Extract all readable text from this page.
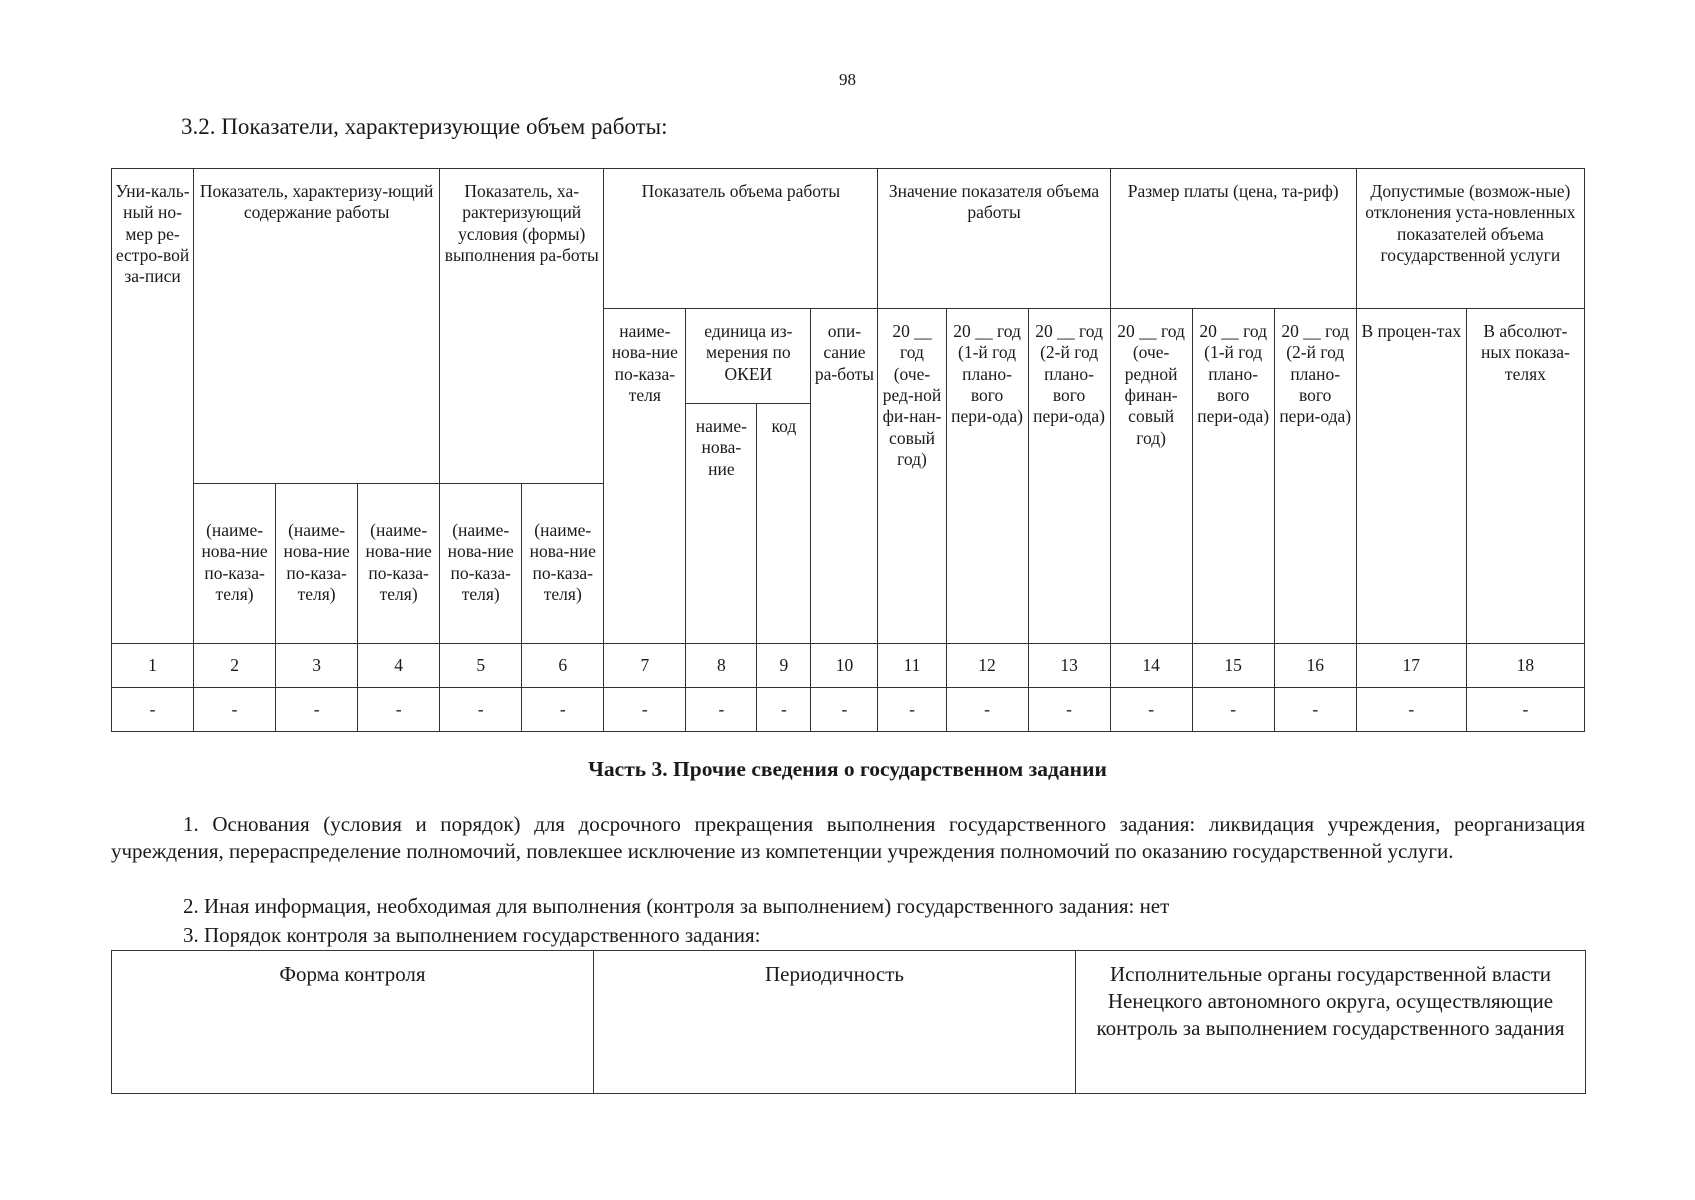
98
3.2. Показатели, характеризующие объем работы:
Уни-каль-ный но-мер ре-естро-вой за-писи	Показатель, характеризу-ющий содержание работы			Показатель, ха-рактеризующий условия (формы) выполнения ра-боты		Показатель объема работы				Значение показателя объема работы			Размер платы (цена, та-риф)			Допустимые (возмож-ные) отклонения уста-новленных показателей объема государственной услуги	
						наиме-нова-ние по-каза-теля	единица из-мерения по ОКЕИ		опи-сание ра-боты	20 __ год (оче-ред-ной фи-нан-совый год)	20 __ год (1-й год плано-вого пери-ода)	20 __ год (2-й год плано-вого пери-ода)	20 __ год (оче-редной финан-совый год)	20 __ год (1-й год плано-вого пери-ода)	20 __ год (2-й год плано-вого пери-ода)	В процен-тах	В абсолют-ных показа-телях
							наиме-нова-ние	код									
	(наиме-нова-ние по-каза-теля)	(наиме-нова-ние по-каза-теля)	(наиме-нова-ние по-каза-теля)	(наиме-нова-ние по-каза-теля)	(наиме-нова-ние по-каза-теля)												
1	2	3	4	5	6	7	8	9	10	11	12	13	14	15	16	17	18
-	-	-	-	-	-	-	-	-	-	-	-	-	-	-	-	-	-
Часть 3. Прочие сведения о государственном задании
1. Основания (условия и порядок) для досрочного прекращения выполнения государственного задания: ликвидация учреждения, реорганизация учреждения, перераспределение полномочий, повлекшее исключение из компетенции учреждения полномочий по оказанию государственной услуги.
2. Иная информация, необходимая для выполнения (контроля за выполнением) государственного задания: нет
3. Порядок контроля за выполнением государственного задания:
Форма контроля	Периодичность	Исполнительные органы государственной власти Ненецкого автономного округа, осуществляющие контроль за выполнением государственного задания
